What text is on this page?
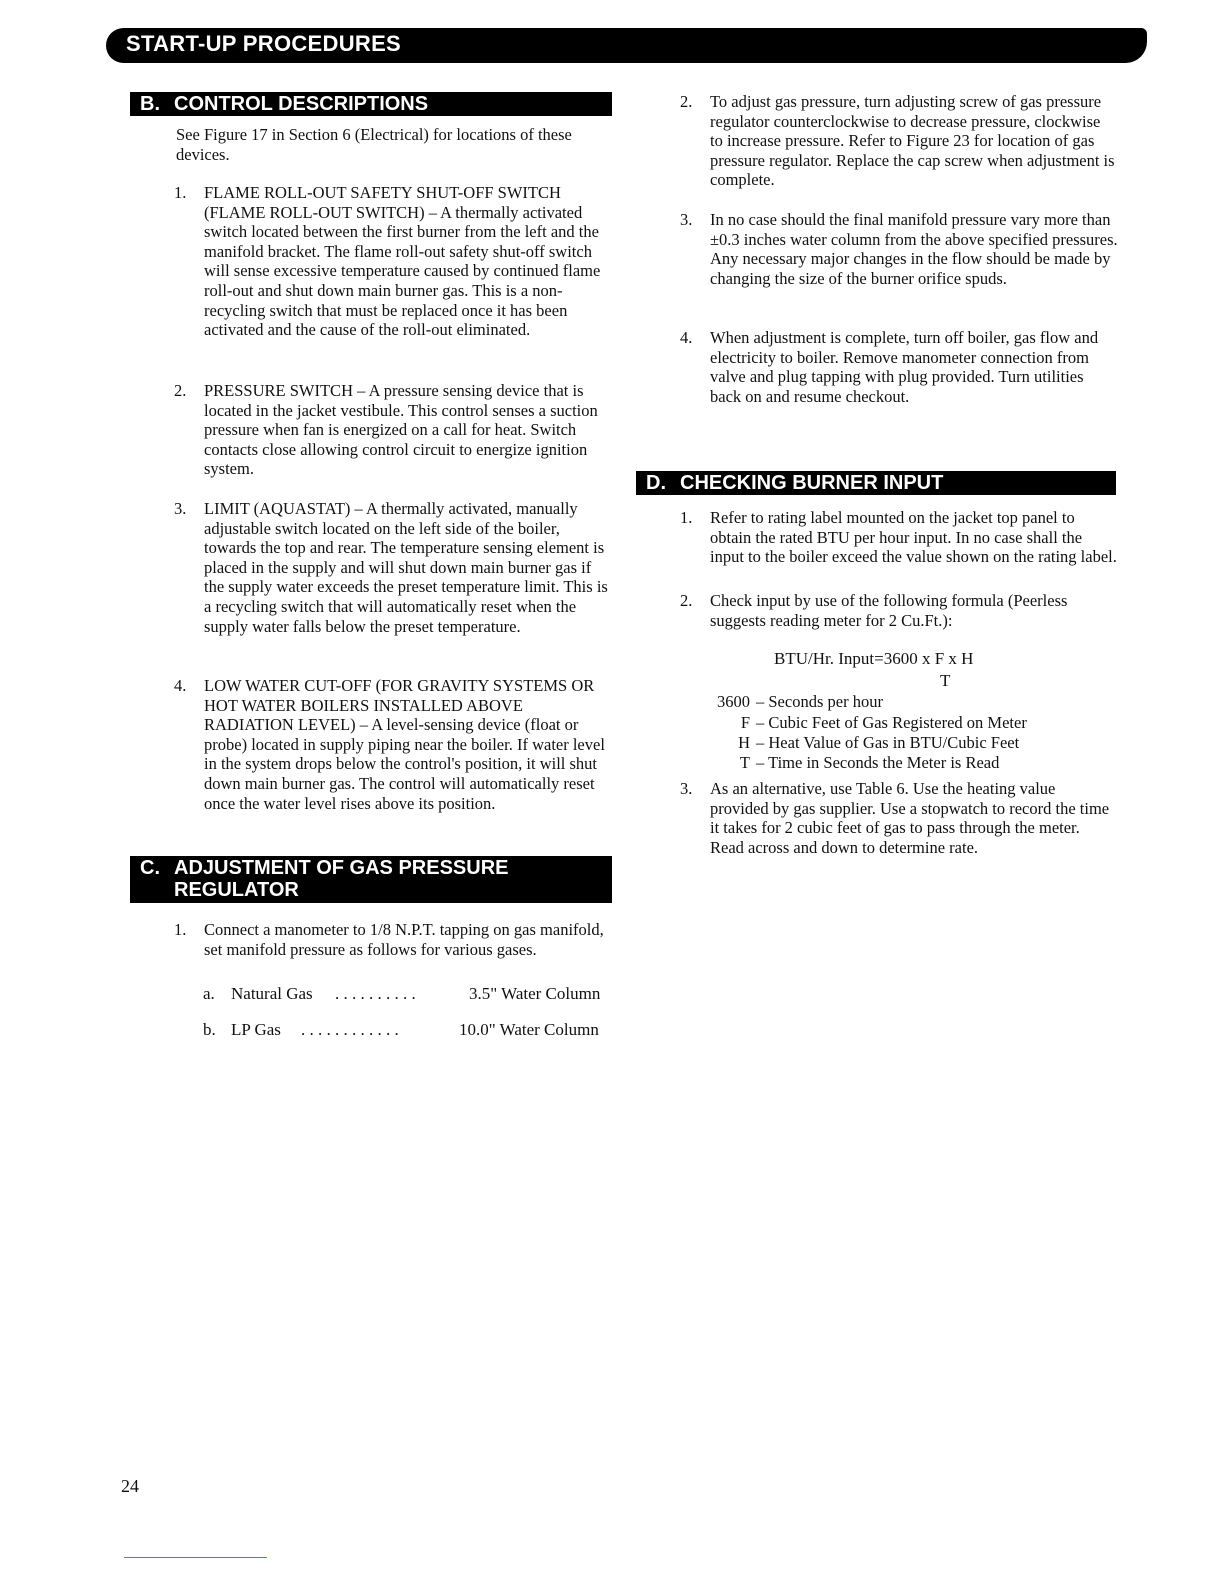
START-UP PROCEDURES
B. CONTROL DESCRIPTIONS

See Figure 17 in Section 6 (Electrical) for locations of these devices.

1. FLAME ROLL-OUT SAFETY SHUT-OFF SWITCH (FLAME ROLL-OUT SWITCH) – A thermally activated switch located between the first burner from the left and the manifold bracket. The flame roll-out safety shut-off switch will sense excessive temperature caused by continued flame roll-out and shut down main burner gas. This is a non-recycling switch that must be replaced once it has been activated and the cause of the roll-out eliminated.
2. PRESSURE SWITCH – A pressure sensing device that is located in the jacket vestibule. This control senses a suction pressure when fan is energized on a call for heat. Switch contacts close allowing control circuit to energize ignition system.
3. LIMIT (AQUASTAT) – A thermally activated, manually adjustable switch located on the left side of the boiler, towards the top and rear. The temperature sensing element is placed in the supply and will shut down main burner gas if the supply water exceeds the preset temperature limit. This is a recycling switch that will automatically reset when the supply water falls below the preset temperature.
4. LOW WATER CUT-OFF (FOR GRAVITY SYSTEMS OR HOT WATER BOILERS INSTALLED ABOVE RADIATION LEVEL) – A level-sensing device (float or probe) located in supply piping near the boiler. If water level in the system drops below the control's position, it will shut down main burner gas. The control will automatically reset once the water level rises above its position.
C. ADJUSTMENT OF GAS PRESSURE REGULATOR
1. Connect a manometer to 1/8 N.P.T. tapping on gas manifold, set manifold pressure as follows for various gases.
a. Natural Gas . . . . . . . . . .	3.5" Water Column
b. LP Gas . . . . . . . . . . . .	10.0" Water Column
2. To adjust gas pressure, turn adjusting screw of gas pressure regulator counterclockwise to decrease pressure, clockwise to increase pressure. Refer to Figure 23 for location of gas pressure regulator. Replace the cap screw when adjustment is complete.
3. In no case should the final manifold pressure vary more than ±0.3 inches water column from the above specified pressures. Any necessary major changes in the flow should be made by changing the size of the burner orifice spuds.
4. When adjustment is complete, turn off boiler, gas flow and electricity to boiler. Remove manometer connection from valve and plug tapping with plug provided. Turn utilities back on and resume checkout.
D. CHECKING BURNER INPUT
1. Refer to rating label mounted on the jacket top panel to obtain the rated BTU per hour input. In no case shall the input to the boiler exceed the value shown on the rating label.
2. Check input by use of the following formula (Peerless suggests reading meter for 2 Cu.Ft.):
BTU/Hr. Input=3600 x F x H
T
3600 – Seconds per hour
F – Cubic Feet of Gas Registered on Meter
H – Heat Value of Gas in BTU/Cubic Feet
T – Time in Seconds the Meter is Read
3. As an alternative, use Table 6. Use the heating value provided by gas supplier. Use a stopwatch to record the time it takes for 2 cubic feet of gas to pass through the meter. Read across and down to determine rate.
24
